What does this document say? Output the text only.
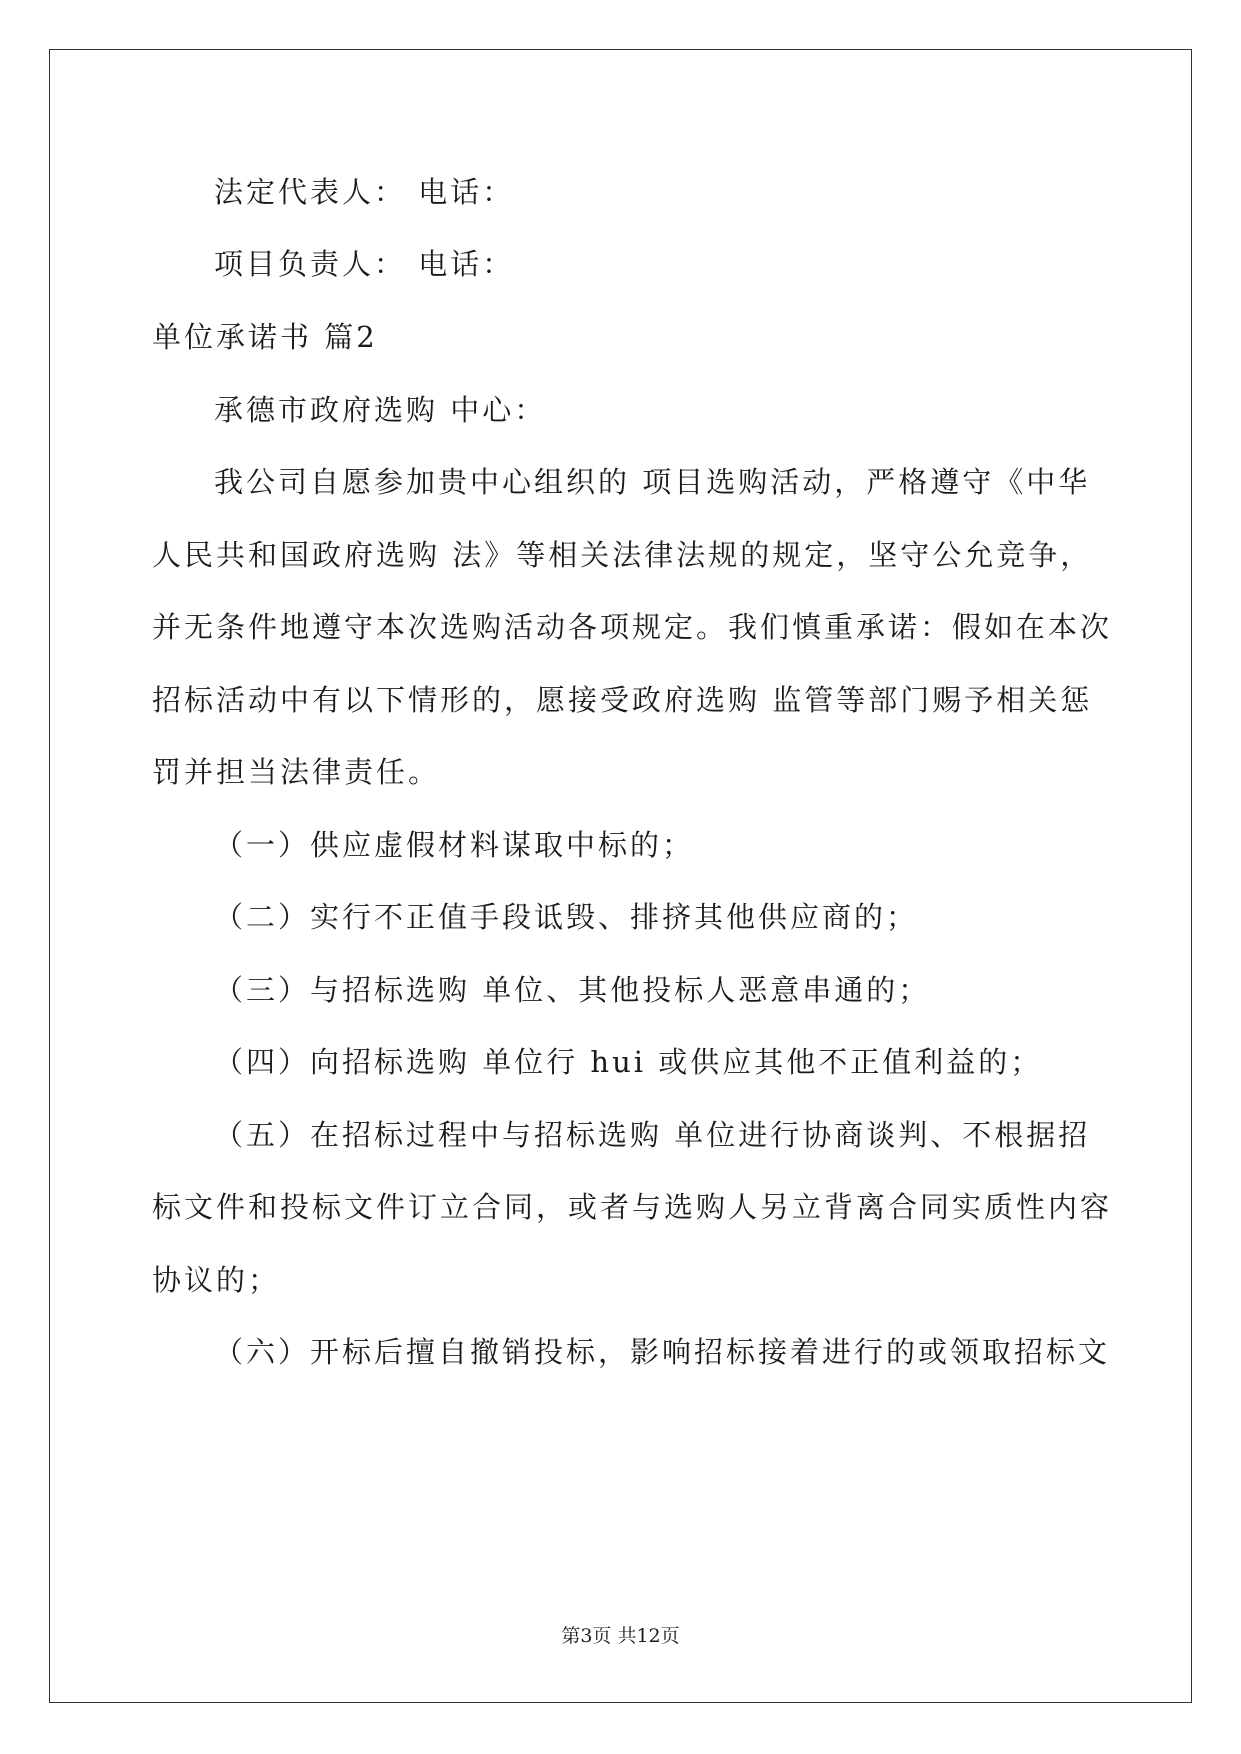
法定代表人： 电话：
项目负责人： 电话：
单位承诺书 篇2
承德市政府选购 中心：
我公司自愿参加贵中心组织的 项目选购活动，严格遵守《中华
人民共和国政府选购 法》等相关法律法规的规定，坚守公允竞争，
并无条件地遵守本次选购活动各项规定。我们慎重承诺：假如在本次
招标活动中有以下情形的，愿接受政府选购 监管等部门赐予相关惩
罚并担当法律责任。
（一）供应虚假材料谋取中标的；
（二）实行不正值手段诋毁、排挤其他供应商的；
（三）与招标选购 单位、其他投标人恶意串通的；
（四）向招标选购 单位行 hui 或供应其他不正值利益的；
（五）在招标过程中与招标选购 单位进行协商谈判、不根据招
标文件和投标文件订立合同，或者与选购人另立背离合同实质性内容
协议的；
（六）开标后擅自撤销投标，影响招标接着进行的或领取招标文
第3页 共12页
